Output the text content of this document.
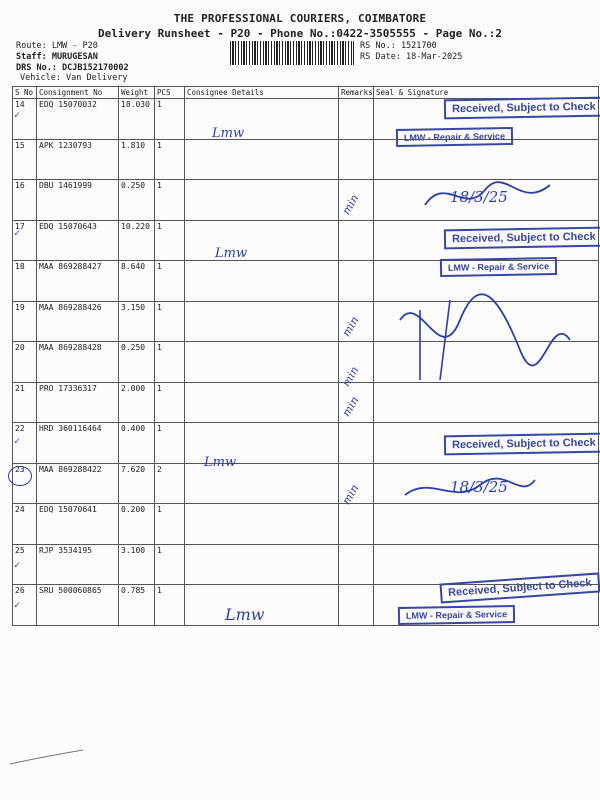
THE PROFESSIONAL COURIERS, COIMBATORE
Delivery Runsheet - P20 - Phone No.:0422-3505555 - Page No.:2
Route: LMW - P20
Staff: MURUGESAN
DRS No.: DCJB152170002
Vehicle: Van Delivery
RS No.: 1521700
RS Date: 18-Mar-2025
S No	Consignment No	Weight	PCS	Consignee Details	Remarks	Seal & Signature
14	EDQ 15070032	18.030	1			
15	APK 1230793	1.810	1			
16	DBU 1461999	0.250	1			
17	EDQ 15070643	10.220	1			
18	MAA 869288427	8.640	1			
19	MAA 869288426	3.150	1			
20	MAA 869288428	0.250	1			
21	PRO 17336317	2.000	1			
22	HRD 360116464	0.400	1			
23	MAA 869288422	7.620	2			
24	EDQ 15070641	0.200	1			
25	RJP 3534195	3.100	1			
26	SRU 500060865	0.785	1			
Received, Subject to Check
LMW - Repair & Service
Received, Subject to Check
LMW - Repair & Service
Received, Subject to Check
Received, Subject to Check
LMW - Repair & Service
Lmw
Lmw
Lmw
Lmw
min
min
min
min
min
18/3/25
18/3/25
✓
✓
✓
✓
✓
